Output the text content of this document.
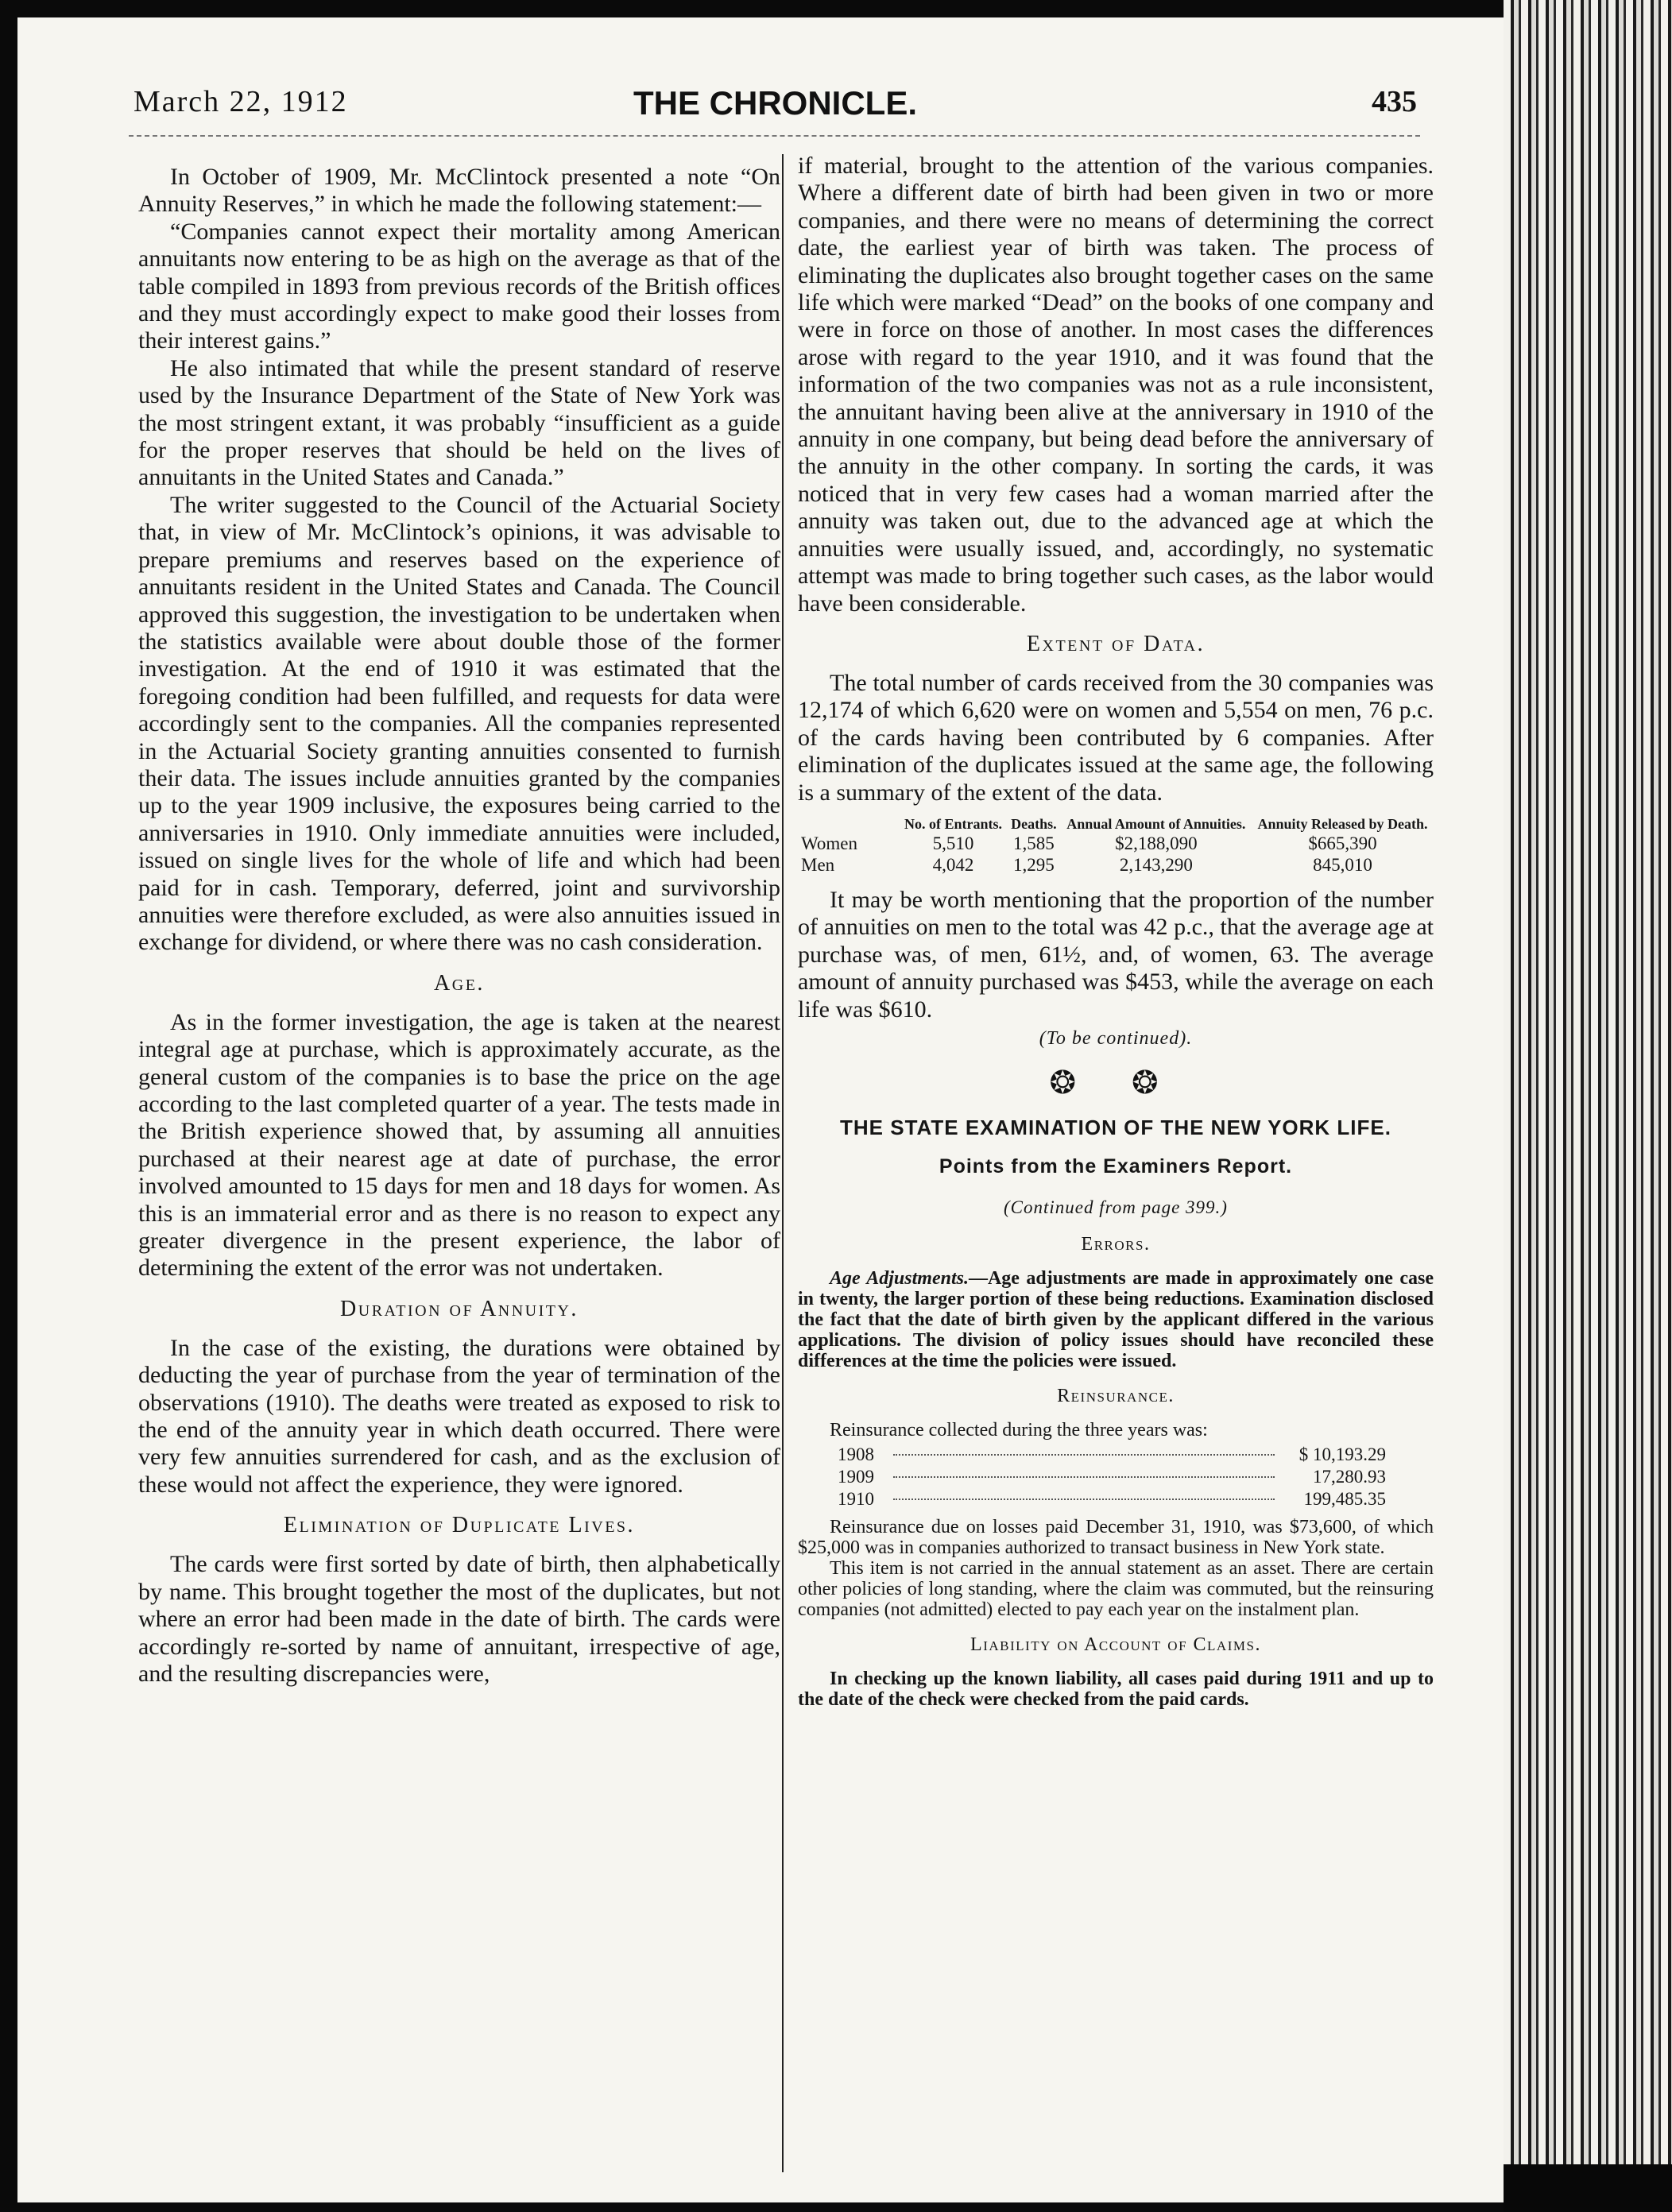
March 22, 1912	THE CHRONICLE.	435

In October of 1909, Mr. McClintock presented a note “On Annuity Reserves,” in which he made the following statement:—

“Companies cannot expect their mortality among American annuitants now entering to be as high on the average as that of the table compiled in 1893 from previous records of the British offices and they must accordingly expect to make good their losses from their interest gains.”

He also intimated that while the present standard of reserve used by the Insurance Department of the State of New York was the most stringent extant, it was probably “insufficient as a guide for the proper reserves that should be held on the lives of annuitants in the United States and Canada.”

The writer suggested to the Council of the Actuarial Society that, in view of Mr. McClintock’s opinions, it was advisable to prepare premiums and reserves based on the experience of annuitants resident in the United States and Canada. The Council approved this suggestion, the investigation to be undertaken when the statistics available were about double those of the former investigation. At the end of 1910 it was estimated that the foregoing condition had been fulfilled, and requests for data were accordingly sent to the companies. All the companies represented in the Actuarial Society granting annuities consented to furnish their data. The issues include annuities granted by the companies up to the year 1909 inclusive, the exposures being carried to the anniversaries in 1910. Only immediate annuities were included, issued on single lives for the whole of life and which had been paid for in cash. Temporary, deferred, joint and survivorship annuities were therefore excluded, as were also annuities issued in exchange for dividend, or where there was no cash consideration.

Age.

As in the former investigation, the age is taken at the nearest integral age at purchase, which is approximately accurate, as the general custom of the companies is to base the price on the age according to the last completed quarter of a year. The tests made in the British experience showed that, by assuming all annuities purchased at their nearest age at date of purchase, the error involved amounted to 15 days for men and 18 days for women. As this is an immaterial error and as there is no reason to expect any greater divergence in the present experience, the labor of determining the extent of the error was not undertaken.

Duration of Annuity.

In the case of the existing, the durations were obtained by deducting the year of purchase from the year of termination of the observations (1910). The deaths were treated as exposed to risk to the end of the annuity year in which death occurred. There were very few annuities surrendered for cash, and as the exclusion of these would not affect the experience, they were ignored.

Elimination of Duplicate Lives.

The cards were first sorted by date of birth, then alphabetically by name. This brought together the most of the duplicates, but not where an error had been made in the date of birth. The cards were accordingly re-sorted by name of annuitant, irrespective of age, and the resulting discrepancies were,

if material, brought to the attention of the various companies. Where a different date of birth had been given in two or more companies, and there were no means of determining the correct date, the earliest year of birth was taken. The process of eliminating the duplicates also brought together cases on the same life which were marked “Dead” on the books of one company and were in force on those of another. In most cases the differences arose with regard to the year 1910, and it was found that the information of the two companies was not as a rule inconsistent, the annuitant having been alive at the anniversary in 1910 of the annuity in one company, but being dead before the anniversary of the annuity in the other company. In sorting the cards, it was noticed that in very few cases had a woman married after the annuity was taken out, due to the advanced age at which the annuities were usually issued, and, accordingly, no systematic attempt was made to bring together such cases, as the labor would have been considerable.

Extent of Data.

The total number of cards received from the 30 companies was 12,174 of which 6,620 were on women and 5,554 on men, 76 p.c. of the cards having been contributed by 6 companies. After elimination of the duplicates issued at the same age, the following is a summary of the extent of the data.

	No. of Entrants.	Deaths.	Annual Amount of Annuities.	Annuity Released by Death.
Women	5,510	1,585	$2,188,090	$665,390
Men	4,042	1,295	2,143,290	845,010

It may be worth mentioning that the proportion of the number of annuities on men to the total was 42 p.c., that the average age at purchase was, of men, 61½, and, of women, 63. The average amount of annuity purchased was $453, while the average on each life was $610.

(To be continued).
❂ ❂
THE STATE EXAMINATION OF THE NEW YORK LIFE.
Points from the Examiners Report.
(Continued from page 399.)
Errors.

Age Adjustments.—Age adjustments are made in approximately one case in twenty, the larger portion of these being reductions. Examination disclosed the fact that the date of birth given by the applicant differed in the various applications. The division of policy issues should have reconciled these differences at the time the policies were issued.

Reinsurance.

Reinsurance collected during the three years was:

1908	$ 10,193.29
1909	17,280.93
1910	199,485.35

Reinsurance due on losses paid December 31, 1910, was $73,600, of which $25,000 was in companies authorized to transact business in New York state.

This item is not carried in the annual statement as an asset. There are certain other policies of long standing, where the claim was commuted, but the reinsuring companies (not admitted) elected to pay each year on the instalment plan.

Liability on Account of Claims.

In checking up the known liability, all cases paid during 1911 and up to the date of the check were checked from the paid cards.
